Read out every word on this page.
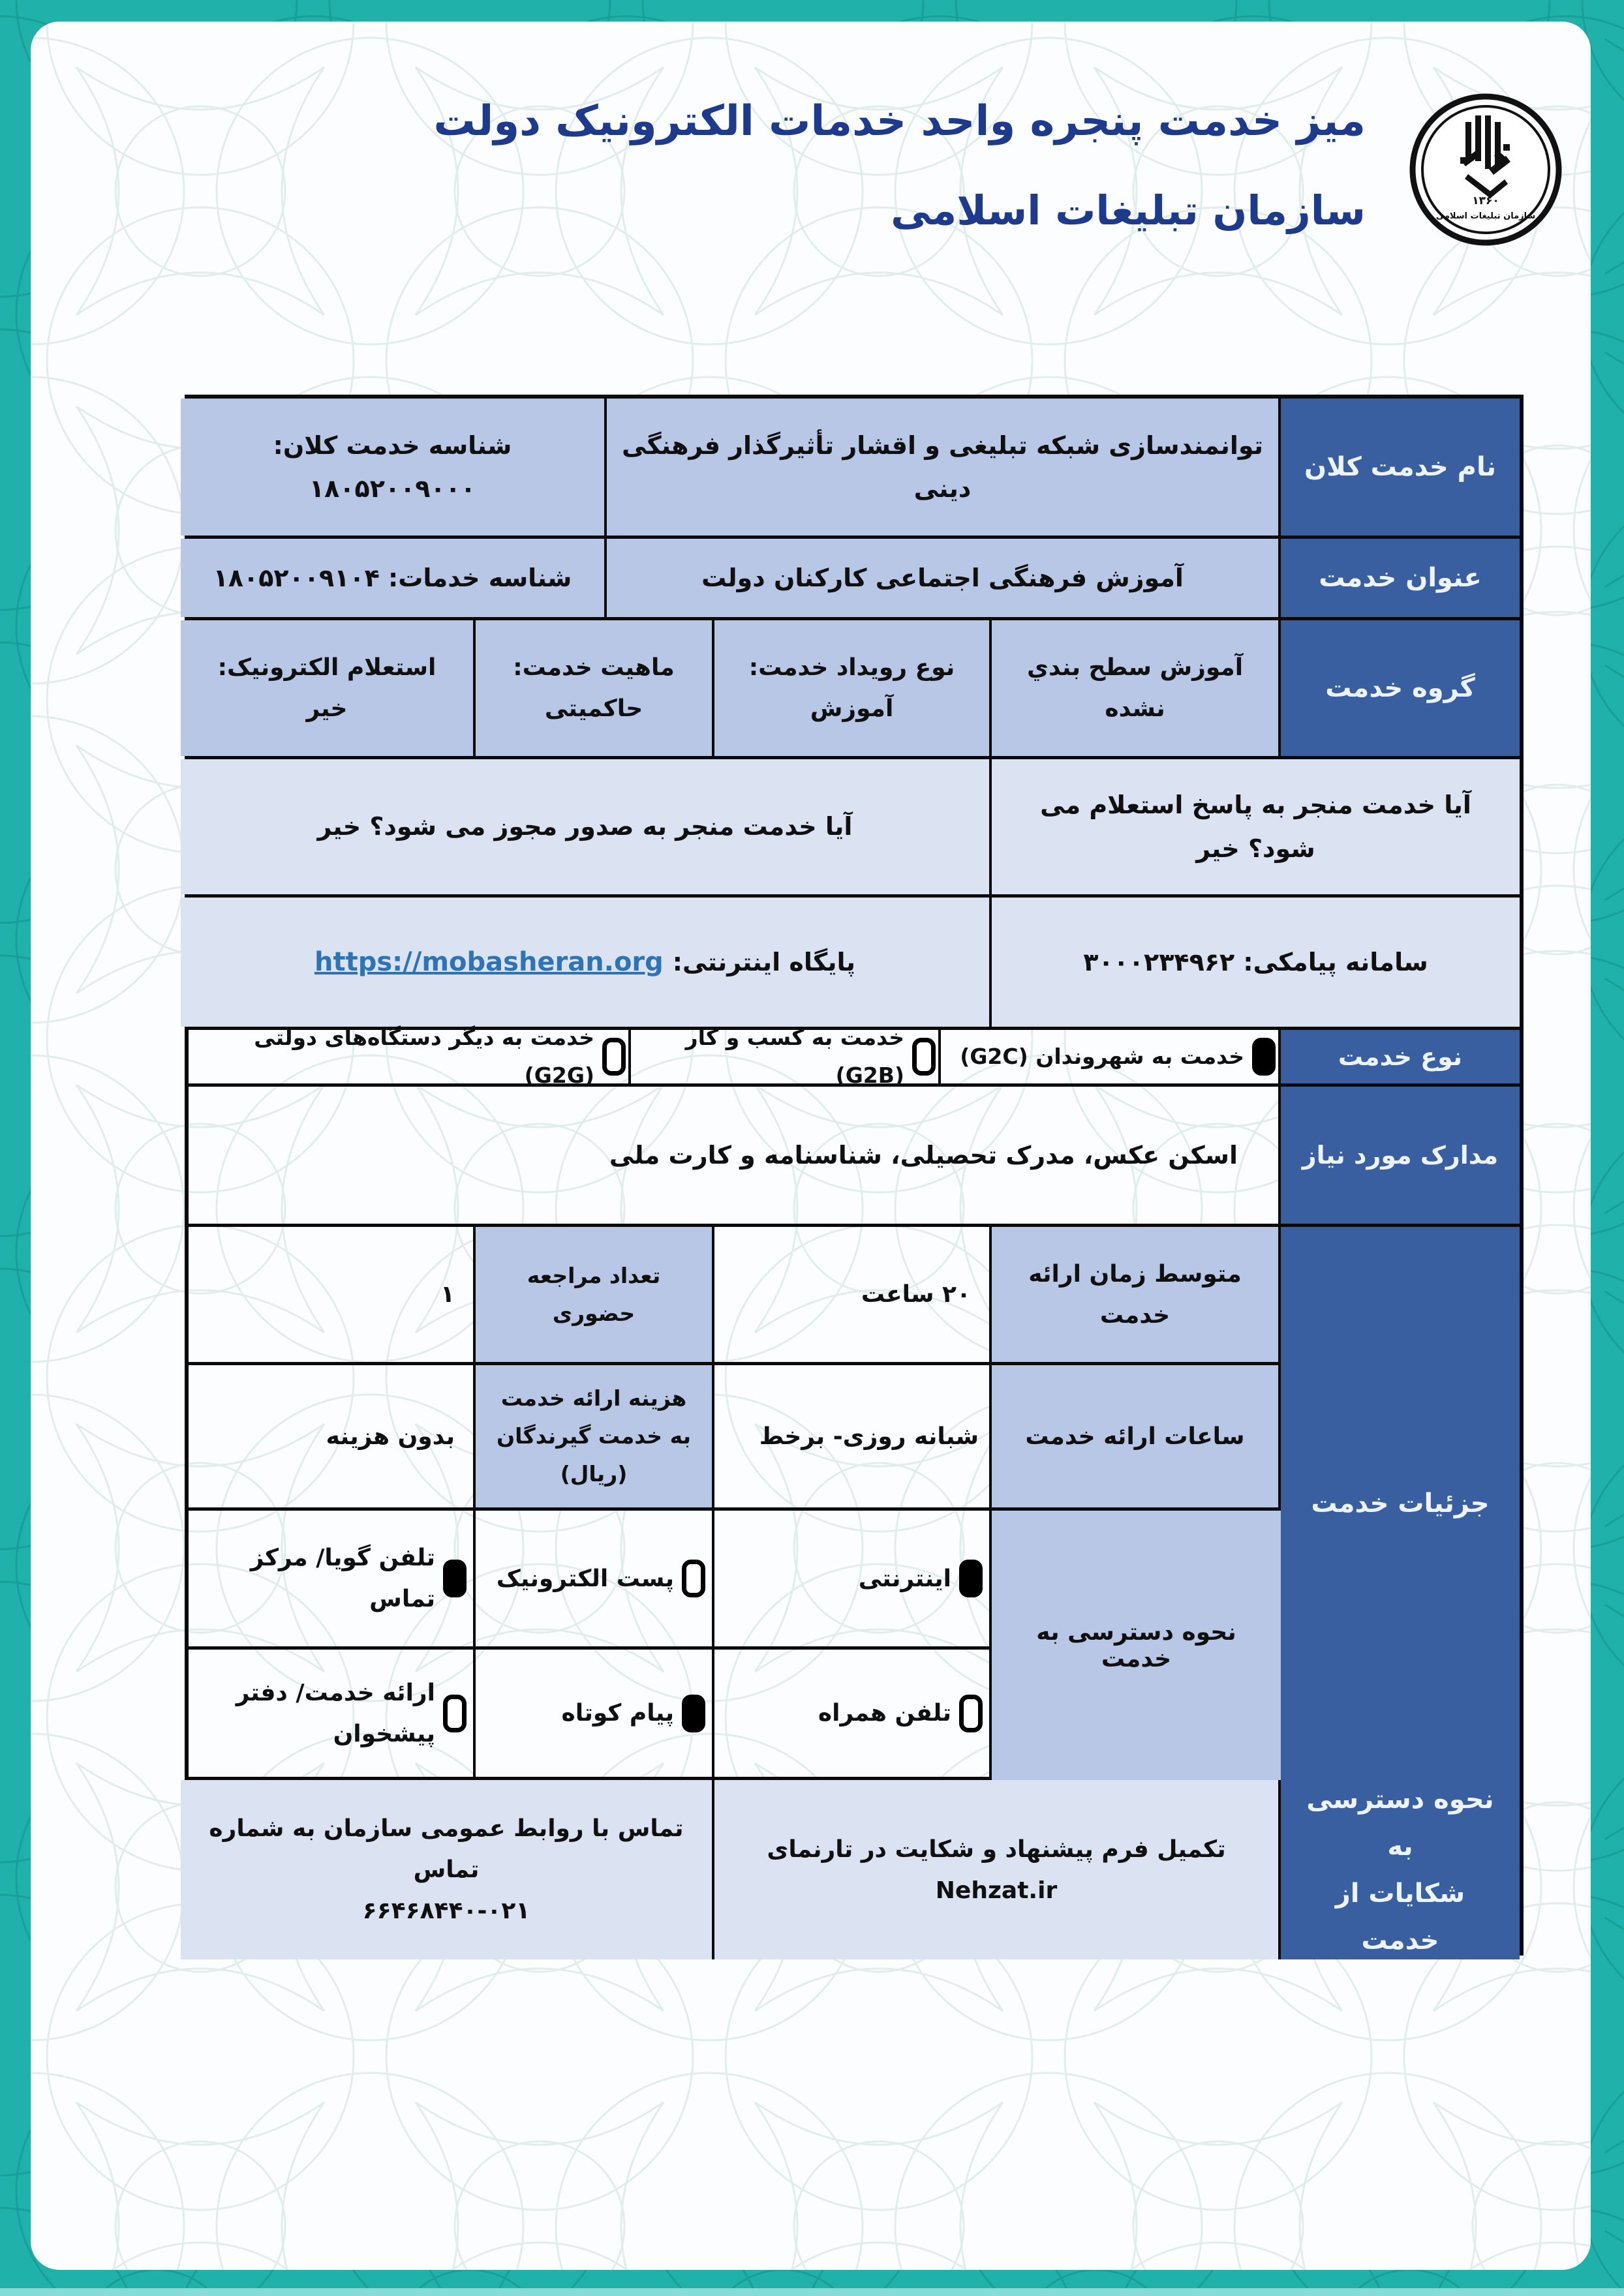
میز خدمت پنجره واحد خدمات الکترونیک دولت
سازمان تبلیغات اسلامی	۱۳۶۰
سازمان تبلیغات اسلامی
نام خدمت کلان
توانمندسازی شبکه تبلیغی و اقشار تأثیرگذار فرهنگی دینی
شناسه خدمت کلان: ۱۸۰۵۲۰۰۹۰۰۰
عنوان خدمت
آموزش فرهنگی اجتماعی کارکنان دولت
شناسه خدمات: ۱۸۰۵۲۰۰۹۱۰۴
گروه خدمت
آموزش سطح بندي نشده
نوع رویداد خدمت:
آموزش
ماهیت خدمت:
حاکمیتی
استعلام الکترونیک:
خیر
آیا خدمت منجر به پاسخ استعلام می شود؟ خیر
آیا خدمت منجر به صدور مجوز می شود؟ خیر
سامانه پیامکی: ۳۰۰۰۲۳۴۹۶۲
پایگاه اینترنتی:
https://mobasheran.org
نوع خدمت
خدمت به شهروندان (G2C)
خدمت به کسب و کار (G2B)
خدمت به دیگر دستگاه‌های دولتی (G2G)
مدارک مورد نیاز
اسکن عکس، مدرک تحصیلی، شناسنامه و کارت ملی
متوسط زمان ارائه خدمت
۲۰ ساعت
تعداد مراجعه حضوری
۱
ساعات ارائه خدمت
شبانه روزی- برخط
هزینه ارائه خدمت به خدمت گیرندگان (ریال)
بدون هزینه
اینترنتی
پست الکترونیک
تلفن گویا/ مرکز تماس
تلفن همراه
پیام کوتاه
ارائه خدمت/ دفتر پیشخوان
نحوه دسترسی به
شکایات از خدمت
تکمیل فرم پیشنهاد و شکایت در تارنمای Nehzat.ir
تماس با روابط عمومی سازمان به شماره تماس
۶۶۴۶۸۴۴۰-۰۲۱
جزئیات خدمت
نحوه دسترسی به خدمت
